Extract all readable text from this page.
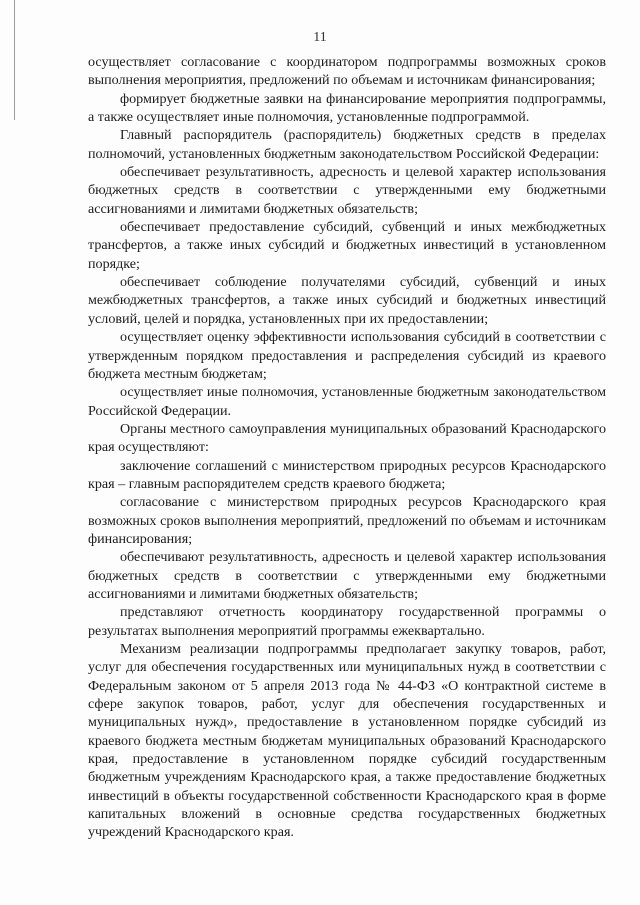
11

осуществляет согласование с координатором подпрограммы возможных сроков выполнения мероприятия, предложений по объемам и источникам финансирования;

формирует бюджетные заявки на финансирование мероприятия подпрограммы, а также осуществляет иные полномочия, установленные подпрограммой.

Главный распорядитель (распорядитель) бюджетных средств в пределах полномочий, установленных бюджетным законодательством Российской Федерации:

обеспечивает результативность, адресность и целевой характер использования бюджетных средств в соответствии с утвержденными ему бюджетными ассигнованиями и лимитами бюджетных обязательств;

обеспечивает предоставление субсидий, субвенций и иных межбюджетных трансфертов, а также иных субсидий и бюджетных инвестиций в установленном порядке;

обеспечивает соблюдение получателями субсидий, субвенций и иных межбюджетных трансфертов, а также иных субсидий и бюджетных инвестиций условий, целей и порядка, установленных при их предоставлении;

осуществляет оценку эффективности использования субсидий в соответствии с утвержденным порядком предоставления и распределения субсидий из краевого бюджета местным бюджетам;

осуществляет иные полномочия, установленные бюджетным законодательством Российской Федерации.

Органы местного самоуправления муниципальных образований Краснодарского края осуществляют:

заключение соглашений с министерством природных ресурсов Краснодарского края – главным распорядителем средств краевого бюджета;

согласование с министерством природных ресурсов Краснодарского края возможных сроков выполнения мероприятий, предложений по объемам и источникам финансирования;

обеспечивают результативность, адресность и целевой характер использования бюджетных средств в соответствии с утвержденными ему бюджетными ассигнованиями и лимитами бюджетных обязательств;

представляют отчетность координатору государственной программы о результатах выполнения мероприятий программы ежеквартально.

Механизм реализации подпрограммы предполагает закупку товаров, работ, услуг для обеспечения государственных или муниципальных нужд в соответствии с Федеральным законом от 5 апреля 2013 года № 44-ФЗ «О контрактной системе в сфере закупок товаров, работ, услуг для обеспечения государственных и муниципальных нужд», предоставление в установленном порядке субсидий из краевого бюджета местным бюджетам муниципальных образований Краснодарского края, предоставление в установленном порядке субсидий государственным бюджетным учреждениям Краснодарского края, а также предоставление бюджетных инвестиций в объекты государственной собственности Краснодарского края в форме капитальных вложений в основные средства государственных бюджетных учреждений Краснодарского края.
